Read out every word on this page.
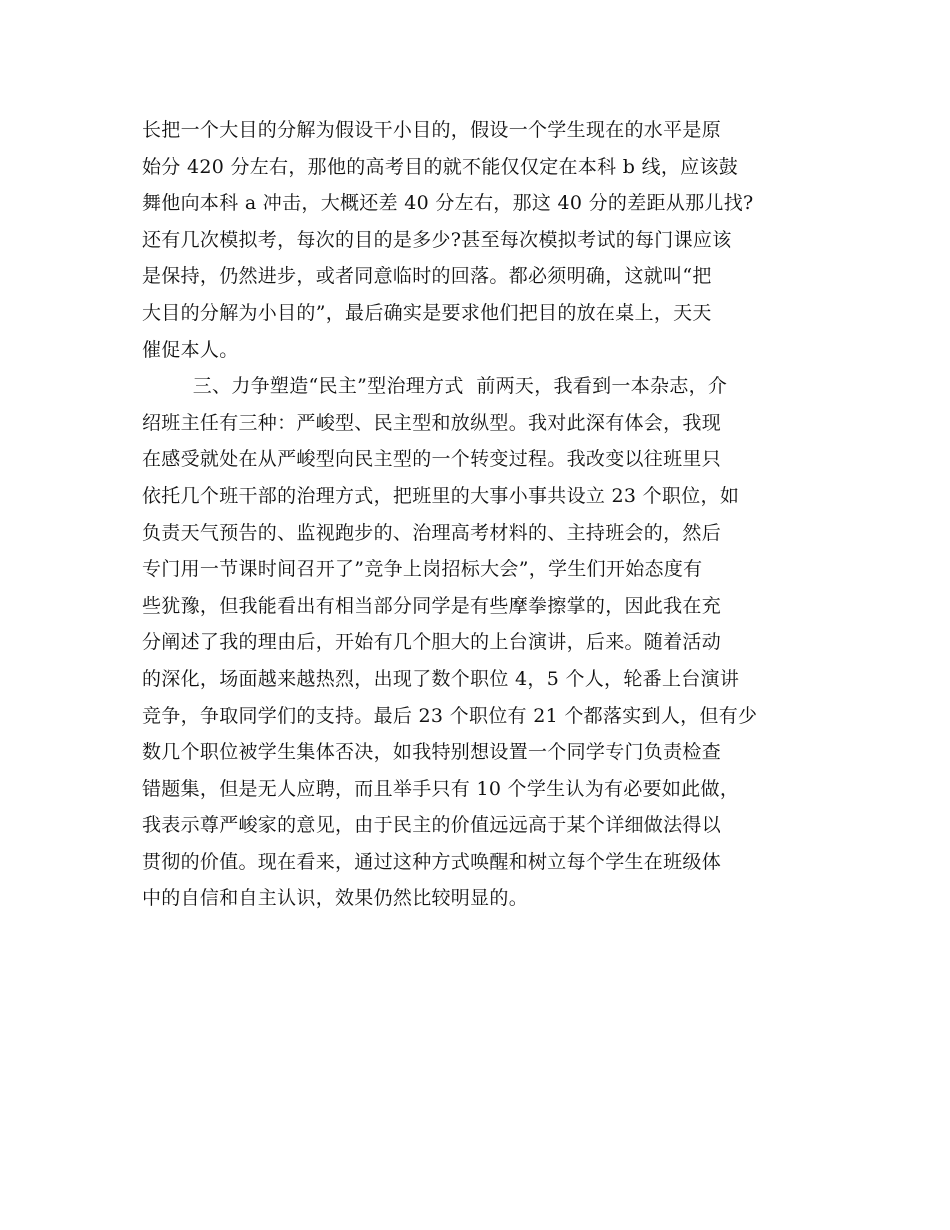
长把一个大目的分解为假设干小目的，假设一个学生现在的水平是原
始分 420 分左右，那他的高考目的就不能仅仅定在本科 b 线，应该鼓
舞他向本科 a 冲击，大概还差 40 分左右，那这 40 分的差距从那儿找?
还有几次模拟考，每次的目的是多少?甚至每次模拟考试的每门课应该
是保持，仍然进步，或者同意临时的回落。都必须明确，这就叫“把
大目的分解为小目的”，最后确实是要求他们把目的放在桌上，天天
催促本人。
三、力争塑造“民主”型治理方式  前两天，我看到一本杂志，介
绍班主任有三种：严峻型、民主型和放纵型。我对此深有体会，我现
在感受就处在从严峻型向民主型的一个转变过程。我改变以往班里只
依托几个班干部的治理方式，把班里的大事小事共设立 23 个职位，如
负责天气预告的、监视跑步的、治理高考材料的、主持班会的，然后
专门用一节课时间召开了”竞争上岗招标大会”，学生们开始态度有
些犹豫，但我能看出有相当部分同学是有些摩拳擦掌的，因此我在充
分阐述了我的理由后，开始有几个胆大的上台演讲，后来。随着活动
的深化，场面越来越热烈，出现了数个职位 4，5 个人，轮番上台演讲
竞争，争取同学们的支持。最后 23 个职位有 21 个都落实到人，但有少
数几个职位被学生集体否决，如我特别想设置一个同学专门负责检查
错题集，但是无人应聘，而且举手只有 10 个学生认为有必要如此做，
我表示尊严峻家的意见，由于民主的价值远远高于某个详细做法得以
贯彻的价值。现在看来，通过这种方式唤醒和树立每个学生在班级体
中的自信和自主认识，效果仍然比较明显的。
